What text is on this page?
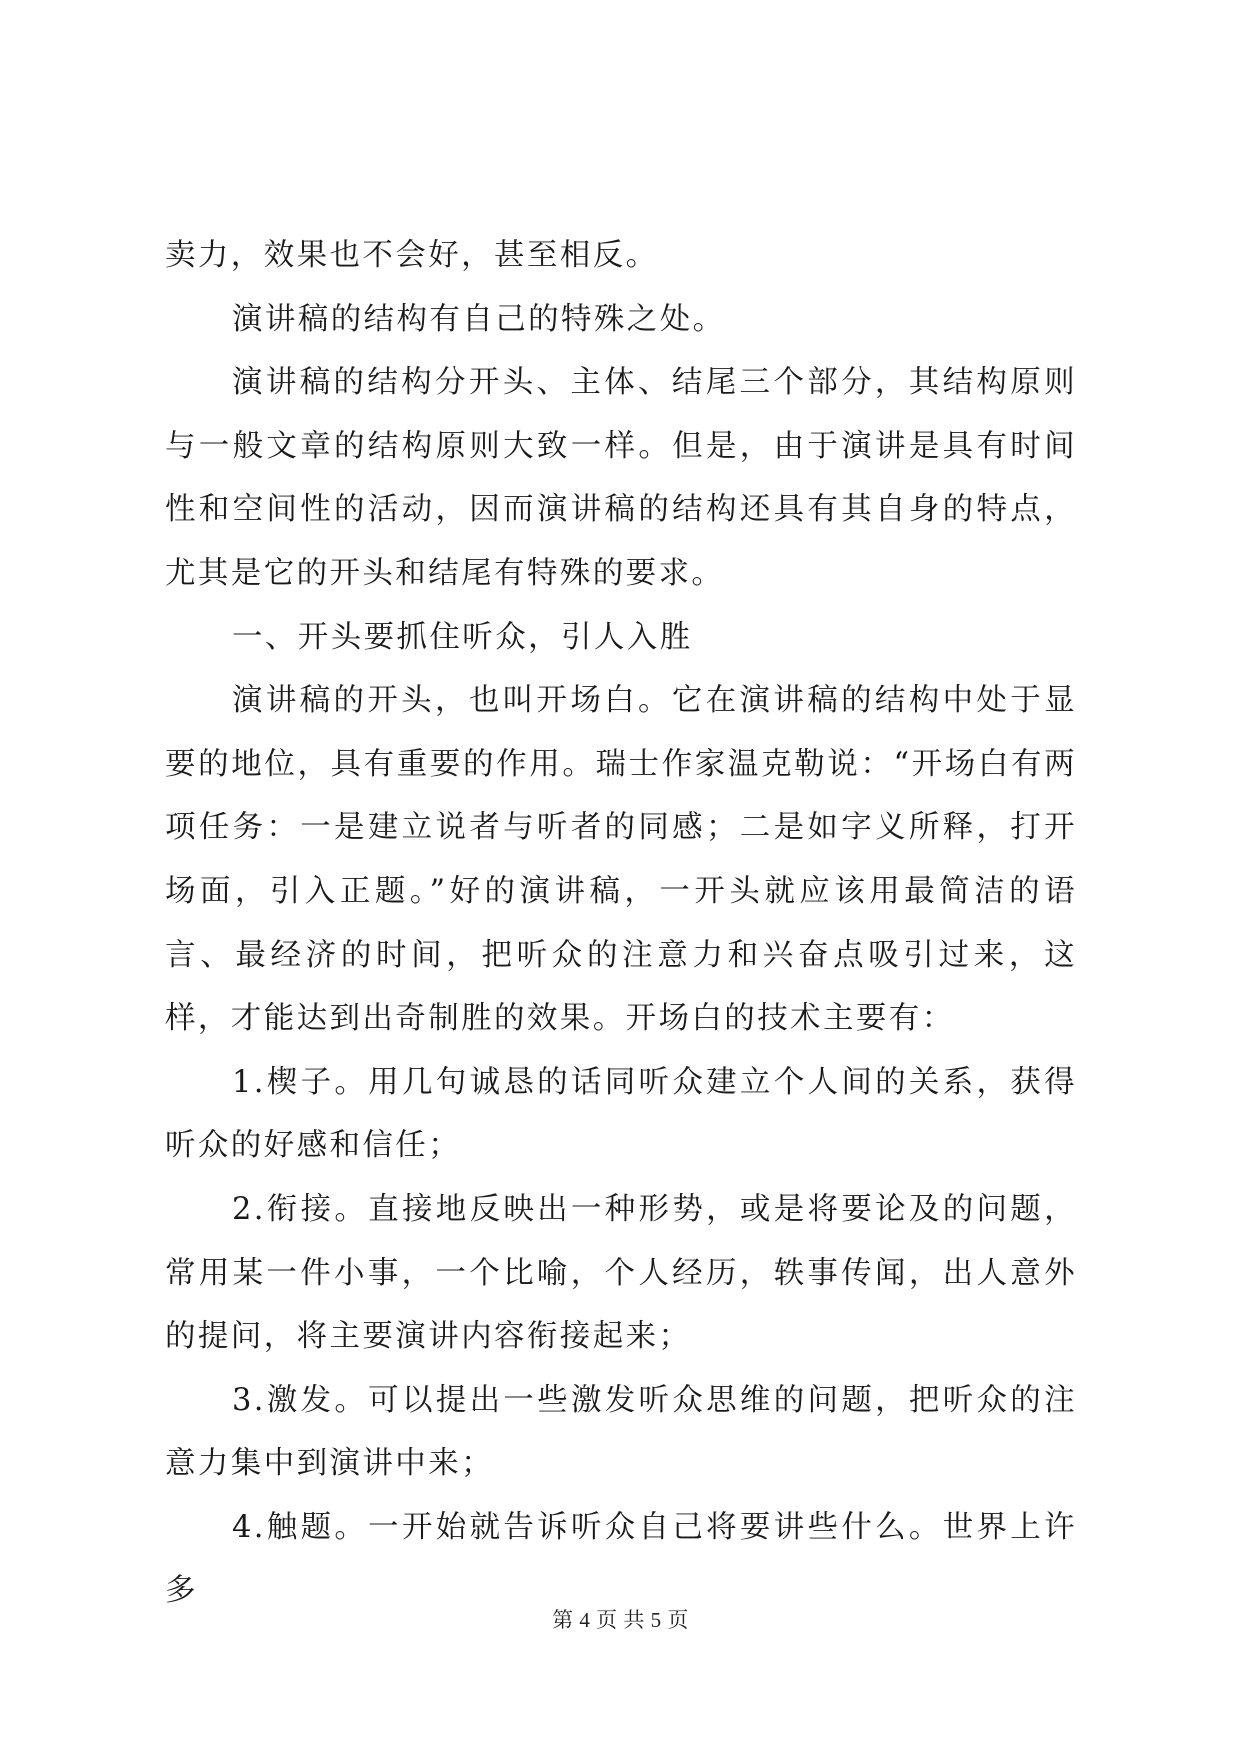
卖力，效果也不会好，甚至相反。

演讲稿的结构有自己的特殊之处。

演讲稿的结构分开头、主体、结尾三个部分，其结构原则与一般文章的结构原则大致一样。但是，由于演讲是具有时间性和空间性的活动，因而演讲稿的结构还具有其自身的特点，尤其是它的开头和结尾有特殊的要求。

一、开头要抓住听众，引人入胜

演讲稿的开头，也叫开场白。它在演讲稿的结构中处于显要的地位，具有重要的作用。瑞士作家温克勒说：“开场白有两项任务：一是建立说者与听者的同感；二是如字义所释，打开场面，引入正题。”好的演讲稿，一开头就应该用最简洁的语言、最经济的时间，把听众的注意力和兴奋点吸引过来，这样，才能达到出奇制胜的效果。开场白的技术主要有：

1.楔子。用几句诚恳的话同听众建立个人间的关系，获得听众的好感和信任；

2.衔接。直接地反映出一种形势，或是将要论及的问题，常用某一件小事，一个比喻，个人经历，轶事传闻，出人意外的提问，将主要演讲内容衔接起来；

3.激发。可以提出一些激发听众思维的问题，把听众的注意力集中到演讲中来；

4.触题。一开始就告诉听众自己将要讲些什么。世界上许多

第 4 页 共 5 页
